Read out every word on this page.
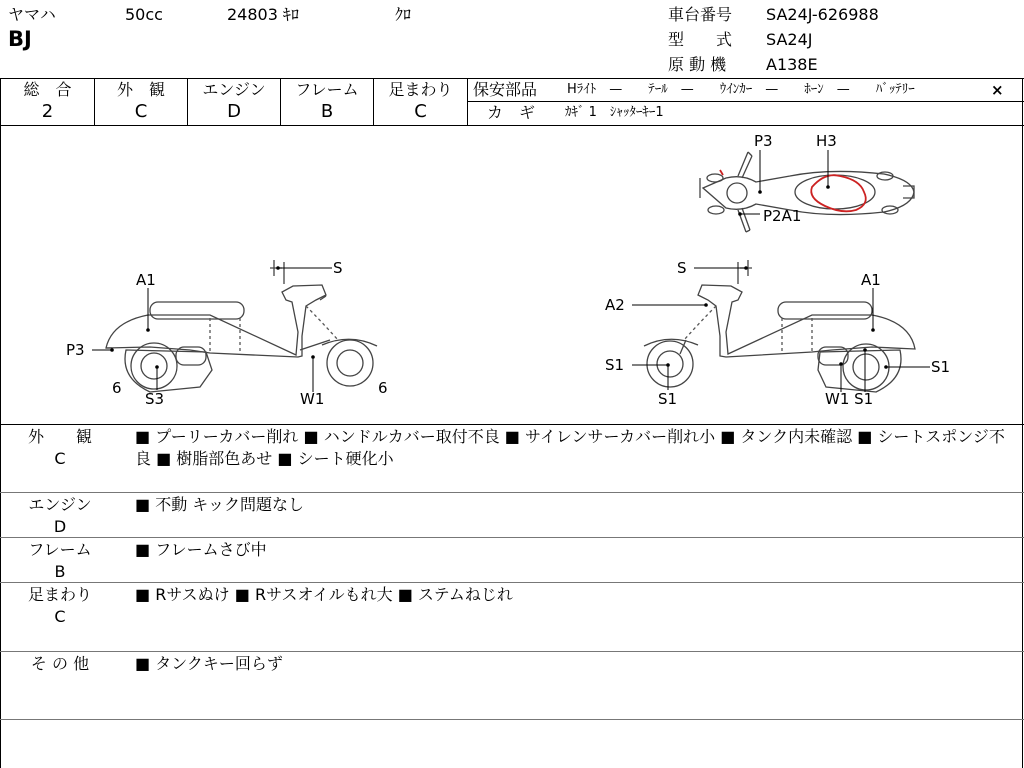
ヤマハ	50cc	24803 ｷﾛ	ｸﾛ
BJ
車台番号 SA24J-626988
型　　式 SA24J
原 動 機 A138E
総　合	外　観	エンジン	フレーム	足まわり
2	C	D	B	C
保安部品 Hﾗｲﾄ　—　　ﾃｰﾙ　—　　ｳｲﾝｶｰ　—　　ﾎｰﾝ　—　　ﾊﾞｯﾃﾘｰ	×
カ　ギ ｶｷﾞ 1　ｼｬｯﾀｰｷｰ1
P3	H3
P2A1
S
A1
P3
6
S3	W1
6
S
A1
A2
S1
S1
S1
W1 S1
外　　観
C
■ プーリーカバー削れ ■ ハンドルカバー取付不良 ■ サイレンサーカバー削れ小 ■ タンク内未確認 ■ シートスポンジ不良 ■ 樹脂部色あせ ■ シート硬化小
エンジン
D
■ 不動 キック問題なし
フレーム
B
■ フレームさび中
足まわり
C
■ Rサスぬけ ■ Rサスオイルもれ大 ■ ステムねじれ
そ の 他	■ タンクキー回らず
